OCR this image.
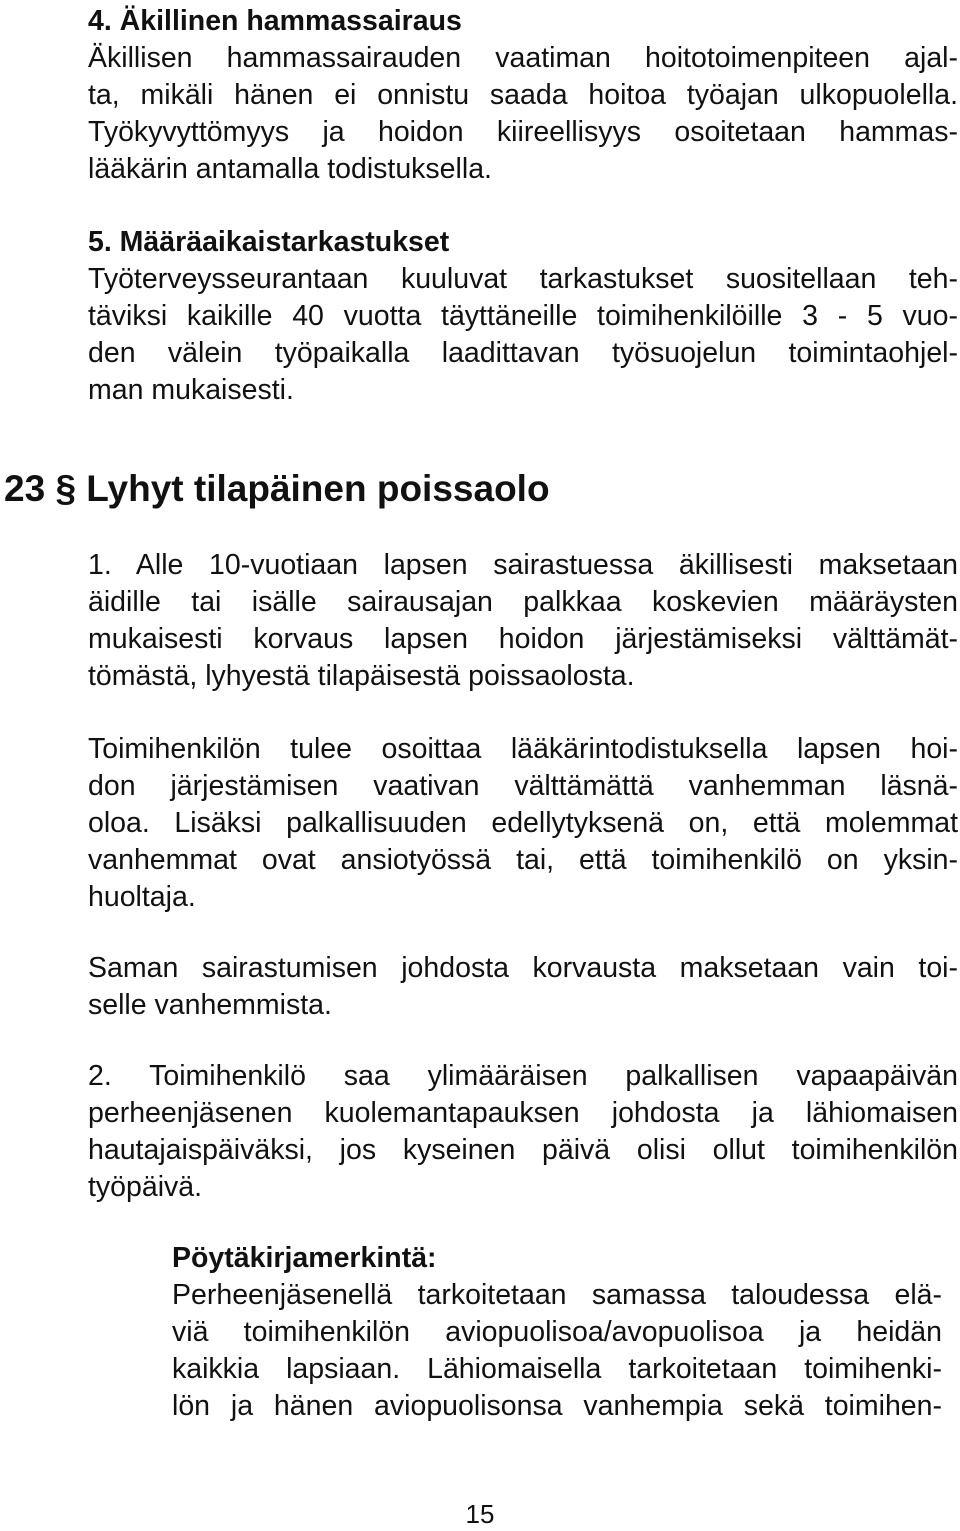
4. Äkillinen hammassairaus
Äkillisen hammassairauden vaatiman hoitotoimenpiteen ajal-
ta, mikäli hänen ei onnistu saada hoitoa työajan ulkopuolella.
Työkyvyttömyys ja hoidon kiireellisyys osoitetaan hammas-
lääkärin antamalla todistuksella.
5. Määräaikaistarkastukset
Työterveysseurantaan kuuluvat tarkastukset suositellaan teh-
täviksi kaikille 40 vuotta täyttäneille toimihenkilöille 3 - 5 vuo-
den välein työpaikalla laadittavan työsuojelun toimintaohjel-
man mukaisesti.
23 § Lyhyt tilapäinen poissaolo
1. Alle 10-vuotiaan lapsen sairastuessa äkillisesti maksetaan
äidille tai isälle sairausajan palkkaa koskevien määräysten
mukaisesti korvaus lapsen hoidon järjestämiseksi välttämät-
tömästä, lyhyestä tilapäisestä poissaolosta.
Toimihenkilön tulee osoittaa lääkärintodistuksella lapsen hoi-
don järjestämisen vaativan välttämättä vanhemman läsnä-
oloa. Lisäksi palkallisuuden edellytyksenä on, että molemmat
vanhemmat ovat ansiotyössä tai, että toimihenkilö on yksin-
huoltaja.
Saman sairastumisen johdosta korvausta maksetaan vain toi-
selle vanhemmista.
2. Toimihenkilö saa ylimääräisen palkallisen vapaapäivän
perheenjäsenen kuolemantapauksen johdosta ja lähiomaisen
hautajaispäiväksi, jos kyseinen päivä olisi ollut toimihenkilön
työpäivä.
Pöytäkirjamerkintä:
Perheenjäsenellä tarkoitetaan samassa taloudessa elä-
viä toimihenkilön aviopuolisoa/avopuolisoa ja heidän
kaikkia lapsiaan. Lähiomaisella tarkoitetaan toimihenki-
lön ja hänen aviopuolisonsa vanhempia sekä toimihen-
15
